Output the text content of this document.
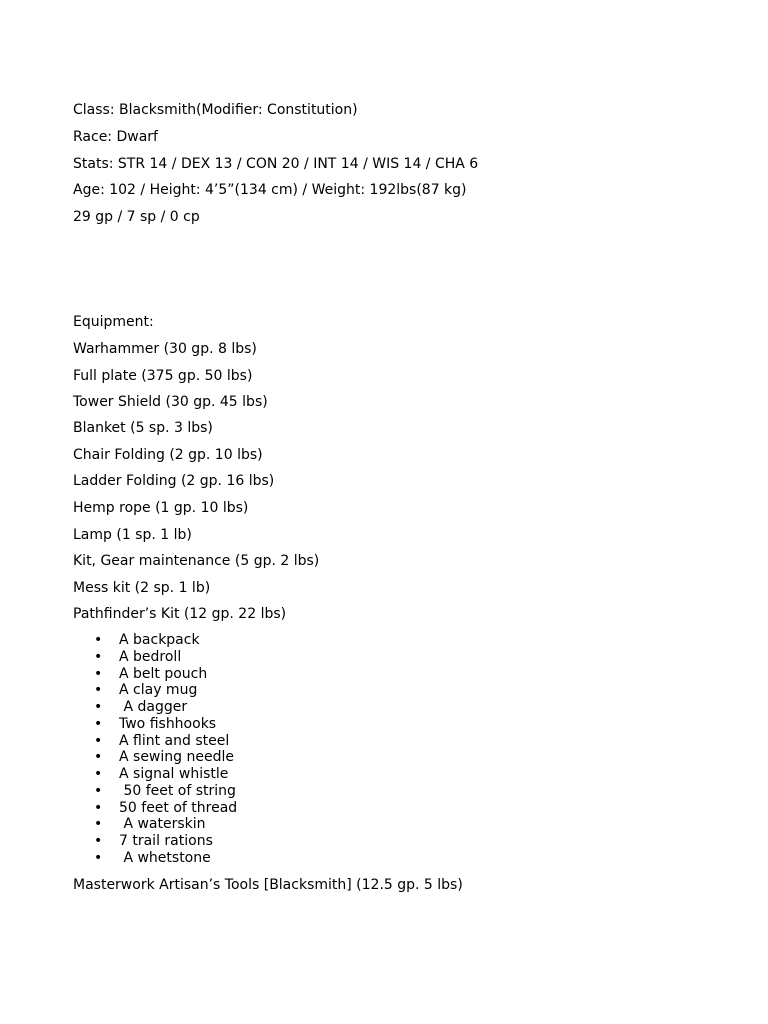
Class: Blacksmith(Modifier: Constitution)
Race: Dwarf
Stats: STR 14 / DEX 13 / CON 20 / INT 14 / WIS 14 / CHA 6
Age: 102 / Height: 4’5”(134 cm) / Weight: 192lbs(87 kg)
29 gp / 7 sp / 0 cp
Equipment:
Warhammer (30 gp. 8 lbs)
Full plate (375 gp. 50 lbs)
Tower Shield (30 gp. 45 lbs)
Blanket (5 sp. 3 lbs)
Chair Folding (2 gp. 10 lbs)
Ladder Folding (2 gp. 16 lbs)
Hemp rope (1 gp. 10 lbs)
Lamp (1 sp. 1 lb)
Kit, Gear maintenance (5 gp. 2 lbs)
Mess kit (2 sp. 1 lb)
Pathfinder’s Kit (12 gp. 22 lbs)
• A backpack
• A bedroll
• A belt pouch
• A clay mug
• A dagger
• Two fishhooks
• A flint and steel
• A sewing needle
• A signal whistle
• 50 feet of string
• 50 feet of thread
• A waterskin
• 7 trail rations
• A whetstone
Masterwork Artisan’s Tools [Blacksmith] (12.5 gp. 5 lbs)
